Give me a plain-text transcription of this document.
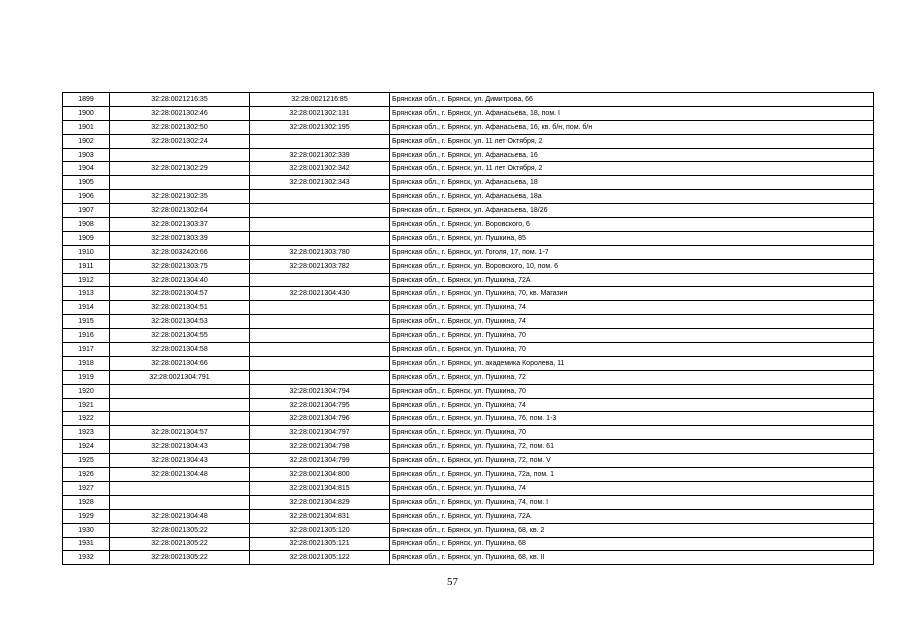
1899	32:28:0021216:35	32:28:0021216:85	Брянская обл., г. Брянск, ул. Димитрова, 66
1900	32:28:0021302:46	32:28:0021302:131	Брянская обл., г. Брянск, ул. Афанасьева, 18, пом. I
1901	32:28:0021302:50	32:28:0021302:195	Брянская обл., г. Брянск, ул. Афанасьева, 16, кв. б/н, пом. б/н
1902	32:28:0021302:24		Брянская обл., г. Брянск, ул. 11 лет Октября, 2
1903		32:28:0021302:339	Брянская обл., г. Брянск, ул. Афанасьева, 16
1904	32:28:0021302:29	32:28:0021302:342	Брянская обл., г. Брянск, ул. 11 лет Октября, 2
1905		32:28:0021302:343	Брянская обл., г. Брянск, ул. Афанасьева, 18
1906	32:28:0021302:35		Брянская обл., г. Брянск, ул. Афанасьева, 18а
1907	32:28:0021302:64		Брянская обл., г. Брянск, ул. Афанасьева, 18/26
1908	32:28:0021303:37		Брянская обл., г. Брянск, ул. Воровского, 6
1909	32:28:0021303:39		Брянская обл., г. Брянск, ул. Пушкина, 85
1910	32:28:0032420:66	32:28:0021303:780	Брянская обл., г. Брянск, ул. Гоголя, 17, пом. 1-7
1911	32:28:0021303:75	32:28:0021303:782	Брянская обл., г. Брянск, ул. Воровского, 10, пом. 6
1912	32:28:0021304:40		Брянская обл., г. Брянск, ул. Пушкина, 72А
1913	32:28:0021304:57	32:28:0021304:430	Брянская обл., г. Брянск, ул. Пушкина, 70, кв. Магазин
1914	32:28:0021304:51		Брянская обл., г. Брянск, ул. Пушкина, 74
1915	32:28:0021304:53		Брянская обл., г. Брянск, ул. Пушкина, 74
1916	32:28:0021304:55		Брянская обл., г. Брянск, ул. Пушкина, 70
1917	32:28:0021304:58		Брянская обл., г. Брянск, ул. Пушкина, 70
1918	32:28:0021304:66		Брянская обл., г. Брянск, ул. академика Королева, 11
1919	32:28:0021304:791		Брянская обл., г. Брянск, ул. Пушкина, 72
1920		32:28:0021304:794	Брянская обл., г. Брянск, ул. Пушкина, 70
1921		32:28:0021304:795	Брянская обл., г. Брянск, ул. Пушкина, 74
1922		32:28:0021304:796	Брянская обл., г. Брянск, ул. Пушкина, 76, пом. 1-3
1923	32:28:0021304:57	32:28:0021304:797	Брянская обл., г. Брянск, ул. Пушкина, 70
1924	32:28:0021304:43	32:28:0021304:798	Брянская обл., г. Брянск, ул. Пушкина, 72, пом. 61
1925	32:28:0021304:43	32:28:0021304:799	Брянская обл., г. Брянск, ул. Пушкина, 72, пом. V
1926	32:28:0021304:48	32:28:0021304:800	Брянская обл., г. Брянск, ул. Пушкина, 72а, пом. 1
1927		32:28:0021304:815	Брянская обл., г. Брянск, ул. Пушкина, 74
1928		32:28:0021304:829	Брянская обл., г. Брянск, ул. Пушкина, 74, пом. I
1929	32:28:0021304:48	32:28:0021304:831	Брянская обл., г. Брянск, ул. Пушкина, 72А
1930	32:28:0021305:22	32:28:0021305:120	Брянская обл., г. Брянск, ул. Пушкина, 68, кв. 2
1931	32:28:0021305:22	32:28:0021305:121	Брянская обл., г. Брянск, ул. Пушкина, 68
1932	32:28:0021305:22	32:28:0021305:122	Брянская обл., г. Брянск, ул. Пушкина, 68, кв. II
57
